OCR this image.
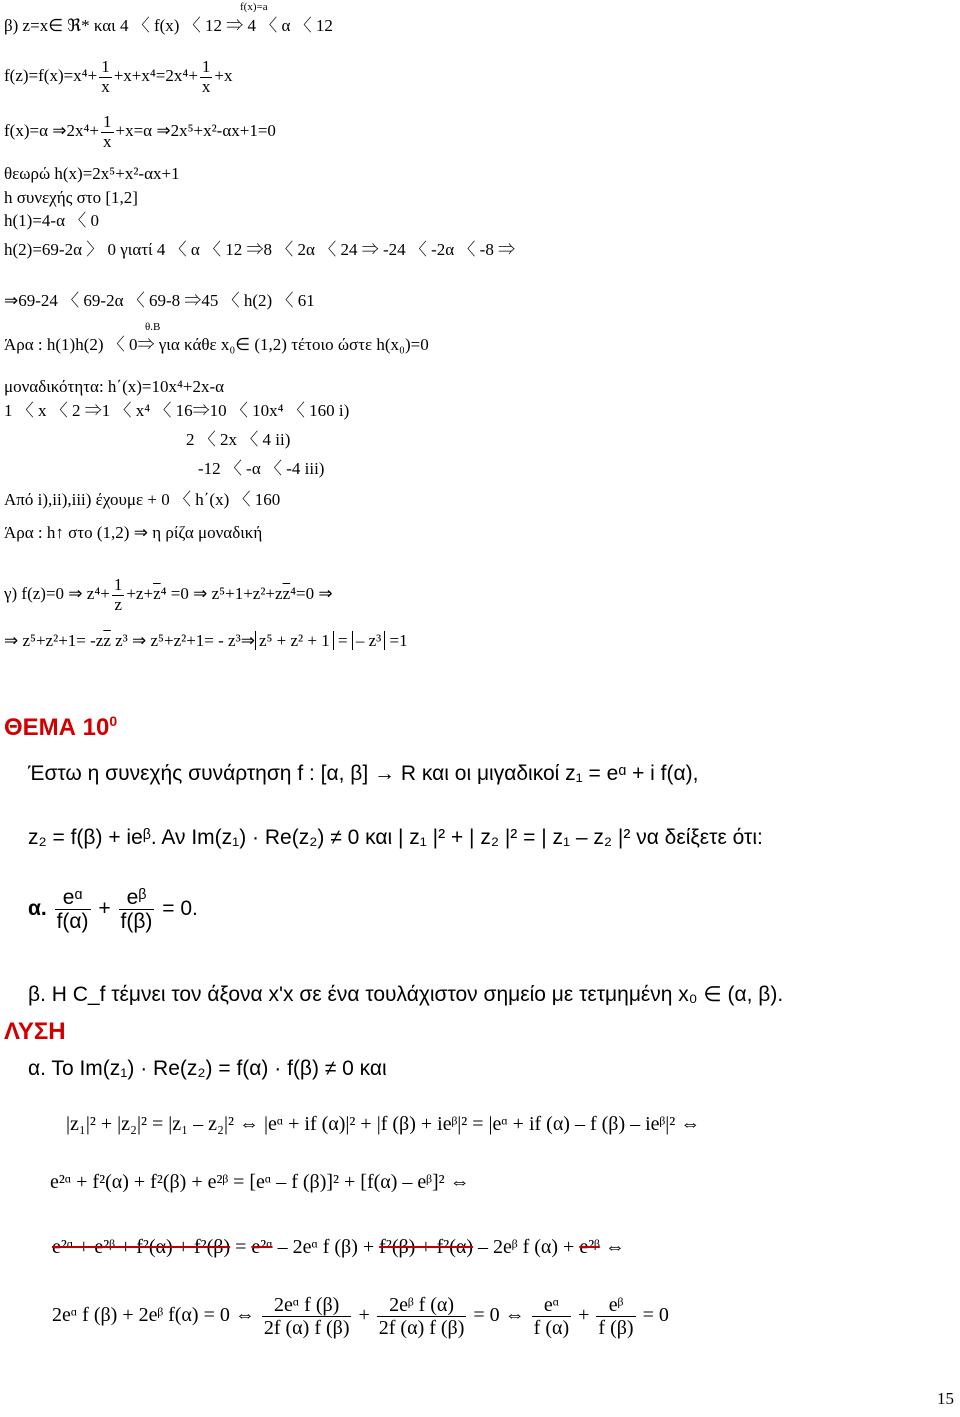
f(x)=a
β) z=x∈ ℜ* και 4 〈 f(x) 〈 12 ⇒ 4 〈 α 〈 12
$f(z)=f(x)=x^4+ \frac{1}{x} +x+x^4=2x^4+ \frac{1}{x} +x$
f(x)=α ⇒2x⁴+ $\frac{1}{x} +x=\alpha$ ⇒2x⁵+x²-αx+1=0
θεωρώ h(x)=2x⁵+x²-αx+1
h συνεχής στο [1,2]
h(1)=4-α 〈 0
h(2)=69-2α 〉 0 γιατί 4 〈 α 〈 12 ⇒8 〈 2α 〈 24 ⇒ -24 〈 -2α 〈 -8 ⇒
⇒69-24 〈 69-2α 〈 69-8 ⇒45 〈 h(2) 〈 61
θ.Β
Άρα : h(1)h(2) 〈 0⇒ για κάθε x₀∈ (1,2) τέτοιο ώστε h(x₀)=0
μοναδικότητα: h΄(x)=10x⁴+2x-α
1 〈 x 〈 2 ⇒1 〈 x⁴ 〈 16⇒10 〈 10x⁴ 〈 160 i)
2 〈 2x 〈 4 ii)
-12 〈 -α 〈 -4 iii)
Από i),ii),iii) έχουμε + 0 〈 h΄(x) 〈 160
Άρα : h↑ στο (1,2) ⇒ η ρίζα μοναδική
γ) f(z)=0 ⇒ $z^4+ \frac{1}{z} +z+\overline{z}^4 =0$ ⇒ $z^5+1+z^2+z\overline{z}^4=0$ ⇒
⇒ $z^5+z^2+1= -z\overline{z}$ z³ ⇒ z⁵+z²+1= - z³⇒ z⁵ + z² + 1 = – z³ =1
ΘΕΜΑ $10^0$
Έστω η συνεχής συνάρτηση f : [α, β] → R και οι μιγαδικοί z₁ = eᵅ + i f(α),
z₂ = f(β) + ieᵝ. Αν Im(z₁) · Re(z₂) ≠ 0 και | z₁ |² + | z₂ |² = | z₁ – z₂ |² να δείξετε ότι:
α. $\frac{\text{eᵅ}}{f(\alpha)} + \frac{\text{eᵝ}}{f(\beta)} = 0$.
β. Η C_f τέμνει τον άξονα x'x σε ένα τουλάχιστον σημείο με τετμημένη x₀ ∈ (α, β).
ΛΥΣΗ
α. Το Im(z₁) · Re(z₂) = f(α) · f(β) ≠ 0 και
|z₁|² + |z₂|² = |z₁ – z₂|² ⇔ |eᵅ + if (α)|² + |f (β) + ieᵝ|² = |eᵅ + if (α) – f (β) – ieᵝ|² ⇔
e²ᵅ + f²(α) + f²(β) + e²ᵝ = [eᵅ – f (β)]² + [f(α) – eᵝ]² ⇔
e²ᵅ + e²ᵝ + f²(α) + f²(β) = e²ᵅ – 2eᵅ f (β) + f²(β) + f²(α) – 2eᵝ f (α) + e²ᵝ ⇔
2eᵅ f (β) + 2eᵝ f(α) = 0 ⇔ $\frac{\text{2eᵅ f (β)}}{2f (\alpha) f (\beta)} + \frac{\text{2eᵝ f (α)}}{2f (\alpha) f (\beta)} = 0$ ⇔ $\frac{\text{eᵅ}}{f (\alpha)} + \frac{\text{eᵝ}}{f (\beta)} = 0$
15
